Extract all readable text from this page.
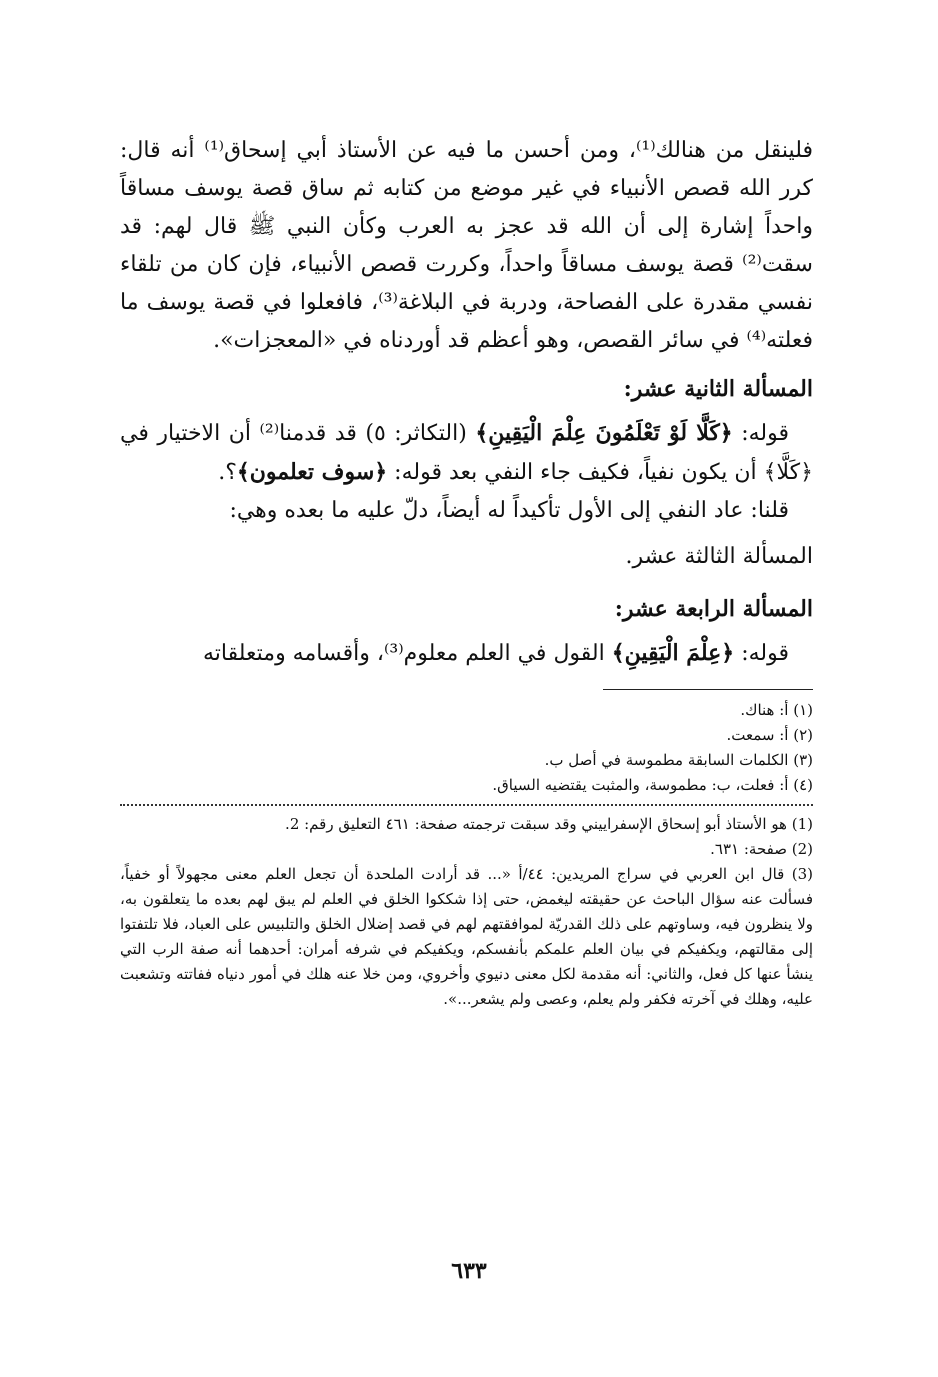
فلينقل من هنالك⁽¹⁾، ومن أحسن ما فيه عن الأستاذ أبي إسحاق⁽¹⁾ أنه قال: كرر الله قصص الأنبياء في غير موضع من كتابه ثم ساق قصة يوسف مساقاً واحداً إشارة إلى أن الله قد عجز به العرب وكأن النبي ﷺ قال لهم: قد سقت⁽²⁾ قصة يوسف مساقاً واحداً، وكررت قصص الأنبياء، فإن كان من تلقاء نفسي مقدرة على الفصاحة، ودربة في البلاغة⁽³⁾، فافعلوا في قصة يوسف ما فعلته⁽⁴⁾ في سائر القصص، وهو أعظم قد أوردناه في «المعجزات».

المسألة الثانية عشر:

قوله: ﴿كَلَّا لَوْ تَعْلَمُونَ عِلْمَ الْيَقِينِ﴾ (التكاثر: ٥) قد قدمنا⁽²⁾ أن الاختيار في ﴿كَلَّا﴾ أن يكون نفياً، فكيف جاء النفي بعد قوله: ﴿سوف تعلمون﴾؟.

قلنا: عاد النفي إلى الأول تأكيداً له أيضاً، دلّ عليه ما بعده وهي:

المسألة الثالثة عشر.

المسألة الرابعة عشر:

قوله: ﴿عِلْمَ الْيَقِينِ﴾ القول في العلم معلوم⁽³⁾، وأقسامه ومتعلقاته

(١) أ: هناك.

(٢) أ: سمعت.

(٣) الكلمات السابقة مطموسة في أصل ب.

(٤) أ: فعلت، ب: مطموسة، والمثبت يقتضيه السياق.

(1) هو الأستاذ أبو إسحاق الإسفراييني وقد سبقت ترجمته صفحة: ٤٦١ التعليق رقم: 2.

(2) صفحة: ٦٣١.

(3) قال ابن العربي في سراج المريدين: ٤٤/أ «... قد أرادت الملحدة أن تجعل العلم معنى مجهولاً أو خفياً، فسألت عنه سؤال الباحث عن حقيقته ليغمض، حتى إذا شككوا الخلق في العلم لم يبق لهم بعده ما يتعلقون به، ولا ينظرون فيه، وساوتهم على ذلك القدريّة لموافقتهم لهم في قصد إضلال الخلق والتلبيس على العباد، فلا تلتفتوا إلى مقالتهم، ويكفيكم في بيان العلم علمكم بأنفسكم، ويكفيكم في شرفه أمران: أحدهما أنه صفة الرب التي ينشأ عنها كل فعل، والثاني: أنه مقدمة لكل معنى دنيوي وأخروي، ومن خلا عنه هلك في أمور دنياه ففاتته وتشعبت عليه، وهلك في آخرته فكفر ولم يعلم، وعصى ولم يشعر...».

٦٣٣
